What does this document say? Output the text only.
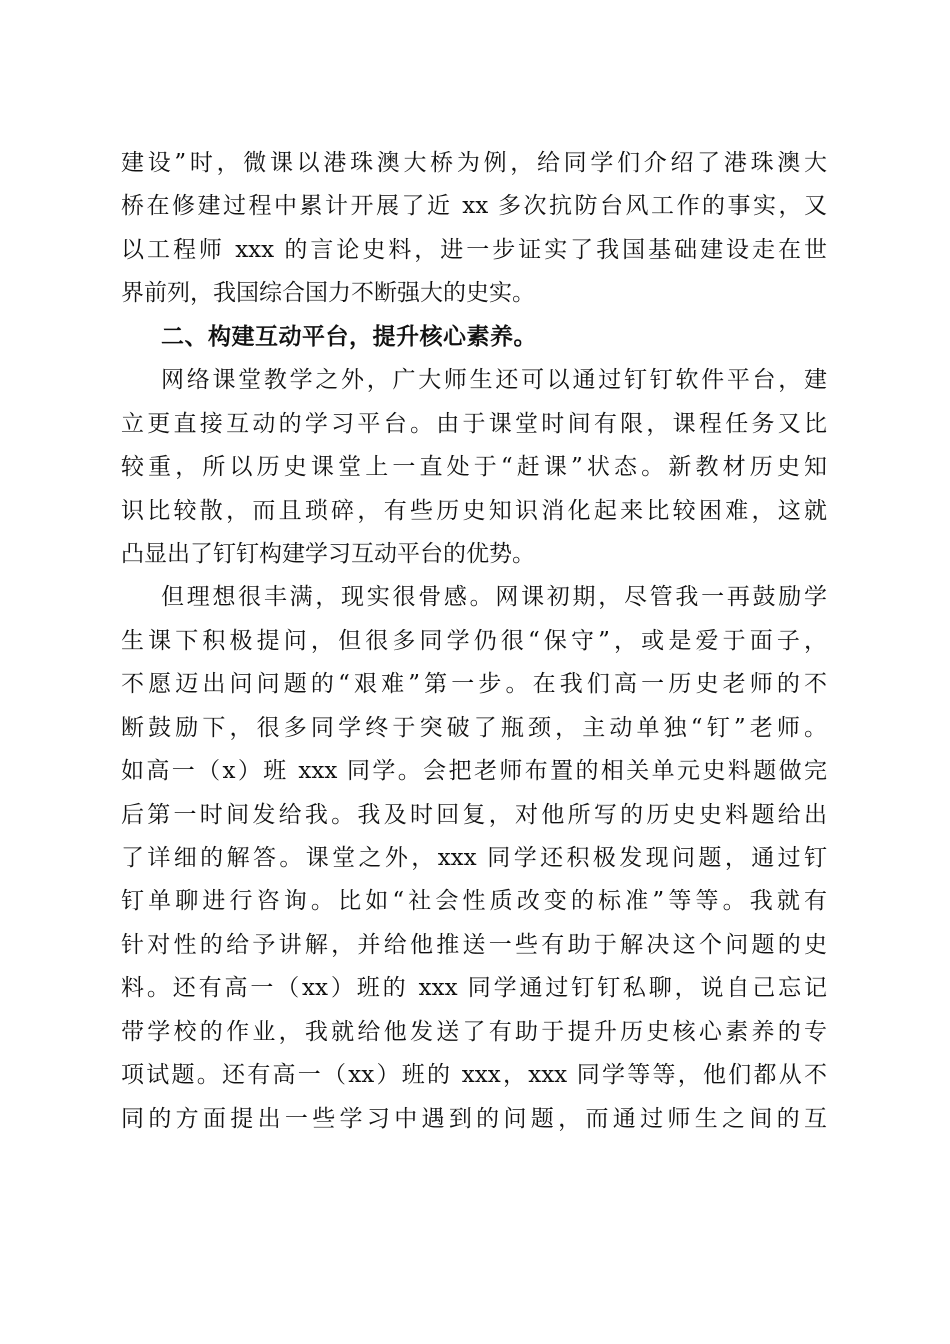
建设”时，微课以港珠澳大桥为例，给同学们介绍了港珠澳大
桥在修建过程中累计开展了近 xx 多次抗防台风工作的事实，又
以工程师 xxx 的言论史料，进一步证实了我国基础建设走在世
界前列，我国综合国力不断强大的史实。
二、构建互动平台，提升核心素养。
网络课堂教学之外，广大师生还可以通过钉钉软件平台，建
立更直接互动的学习平台。由于课堂时间有限，课程任务又比
较重，所以历史课堂上一直处于“赶课”状态。新教材历史知
识比较散，而且琐碎，有些历史知识消化起来比较困难，这就
凸显出了钉钉构建学习互动平台的优势。
但理想很丰满，现实很骨感。网课初期，尽管我一再鼓励学
生课下积极提问，但很多同学仍很“保守”，或是爱于面子，
不愿迈出问问题的“艰难”第一步。在我们高一历史老师的不
断鼓励下，很多同学终于突破了瓶颈，主动单独“钉”老师。
如高一（x）班 xxx 同学。会把老师布置的相关单元史料题做完
后第一时间发给我。我及时回复，对他所写的历史史料题给出
了详细的解答。课堂之外，xxx 同学还积极发现问题，通过钉
钉单聊进行咨询。比如“社会性质改变的标准”等等。我就有
针对性的给予讲解，并给他推送一些有助于解决这个问题的史
料。还有高一（xx）班的 xxx 同学通过钉钉私聊，说自己忘记
带学校的作业，我就给他发送了有助于提升历史核心素养的专
项试题。还有高一（xx）班的 xxx，xxx 同学等等，他们都从不
同的方面提出一些学习中遇到的问题，而通过师生之间的互
